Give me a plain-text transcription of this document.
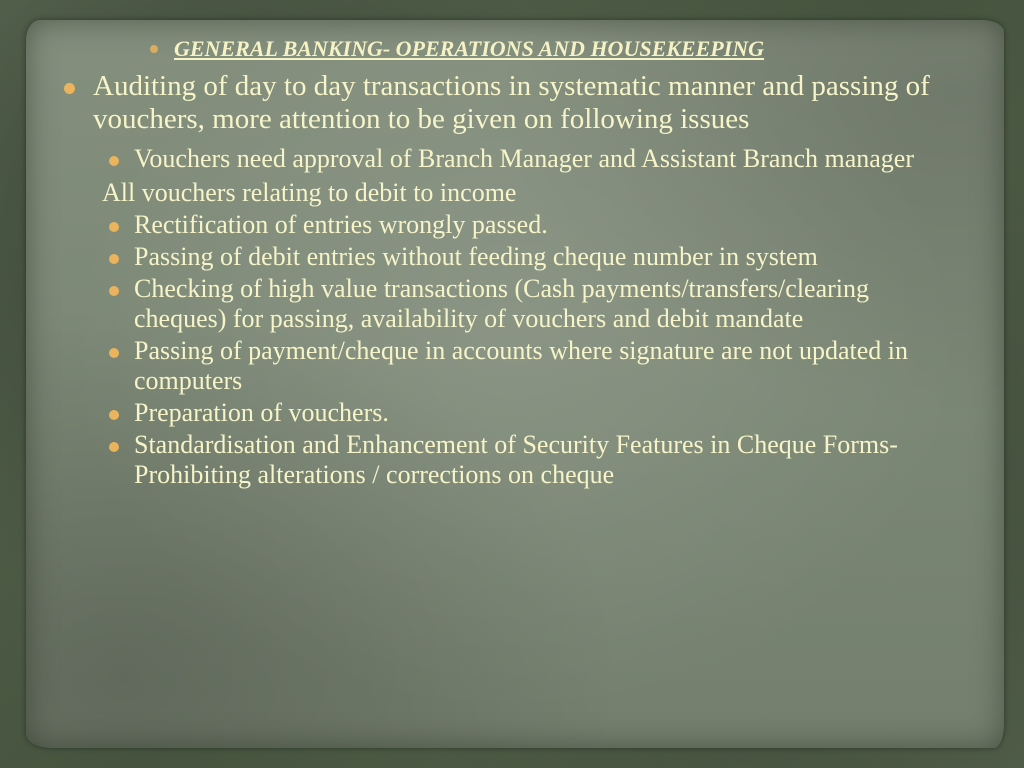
GENERAL BANKING- OPERATIONS AND HOUSEKEEPING
Auditing of day to day transactions in systematic manner and passing of vouchers, more attention to be given on following issues
Vouchers need approval of Branch Manager and Assistant Branch manager
All vouchers relating to debit to income
Rectification of entries wrongly passed.
Passing of debit entries without feeding cheque number in system
Checking of high value transactions (Cash payments/transfers/clearing cheques) for passing, availability of vouchers and debit mandate
Passing of payment/cheque in accounts where signature are not updated in computers
Preparation of vouchers.
Standardisation and Enhancement of Security Features in Cheque Forms-Prohibiting alterations / corrections on cheque
